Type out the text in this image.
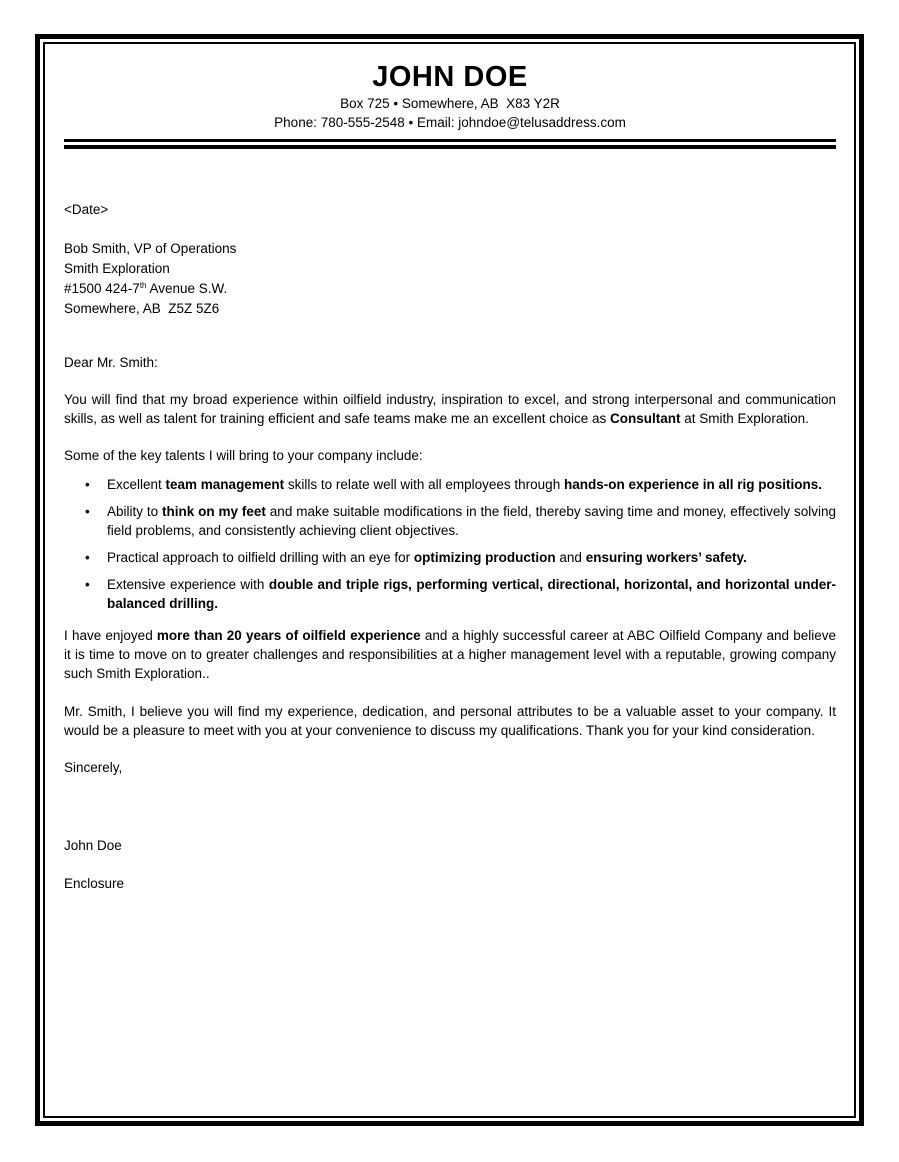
JOHN DOE
Box 725 • Somewhere, AB  X83 Y2R
Phone: 780-555-2548 • Email: johndoe@telusaddress.com
<Date>
Bob Smith, VP of Operations
Smith Exploration
#1500 424-7th Avenue S.W.
Somewhere, AB  Z5Z 5Z6
Dear Mr. Smith:

You will find that my broad experience within oilfield industry, inspiration to excel, and strong interpersonal and communication skills, as well as talent for training efficient and safe teams make me an excellent choice as Consultant at Smith Exploration.

Some of the key talents I will bring to your company include:

• Excellent team management skills to relate well with all employees through hands-on experience in all rig positions.
• Ability to think on my feet and make suitable modifications in the field, thereby saving time and money, effectively solving field problems, and consistently achieving client objectives.
• Practical approach to oilfield drilling with an eye for optimizing production and ensuring workers’ safety.
• Extensive experience with double and triple rigs, performing vertical, directional, horizontal, and horizontal under-balanced drilling.

I have enjoyed more than 20 years of oilfield experience and a highly successful career at ABC Oilfield Company and believe it is time to move on to greater challenges and responsibilities at a higher management level with a reputable, growing company such Smith Exploration..

Mr. Smith, I believe you will find my experience, dedication, and personal attributes to be a valuable asset to your company. It would be a pleasure to meet with you at your convenience to discuss my qualifications. Thank you for your kind consideration.

Sincerely,
John Doe
Enclosure
